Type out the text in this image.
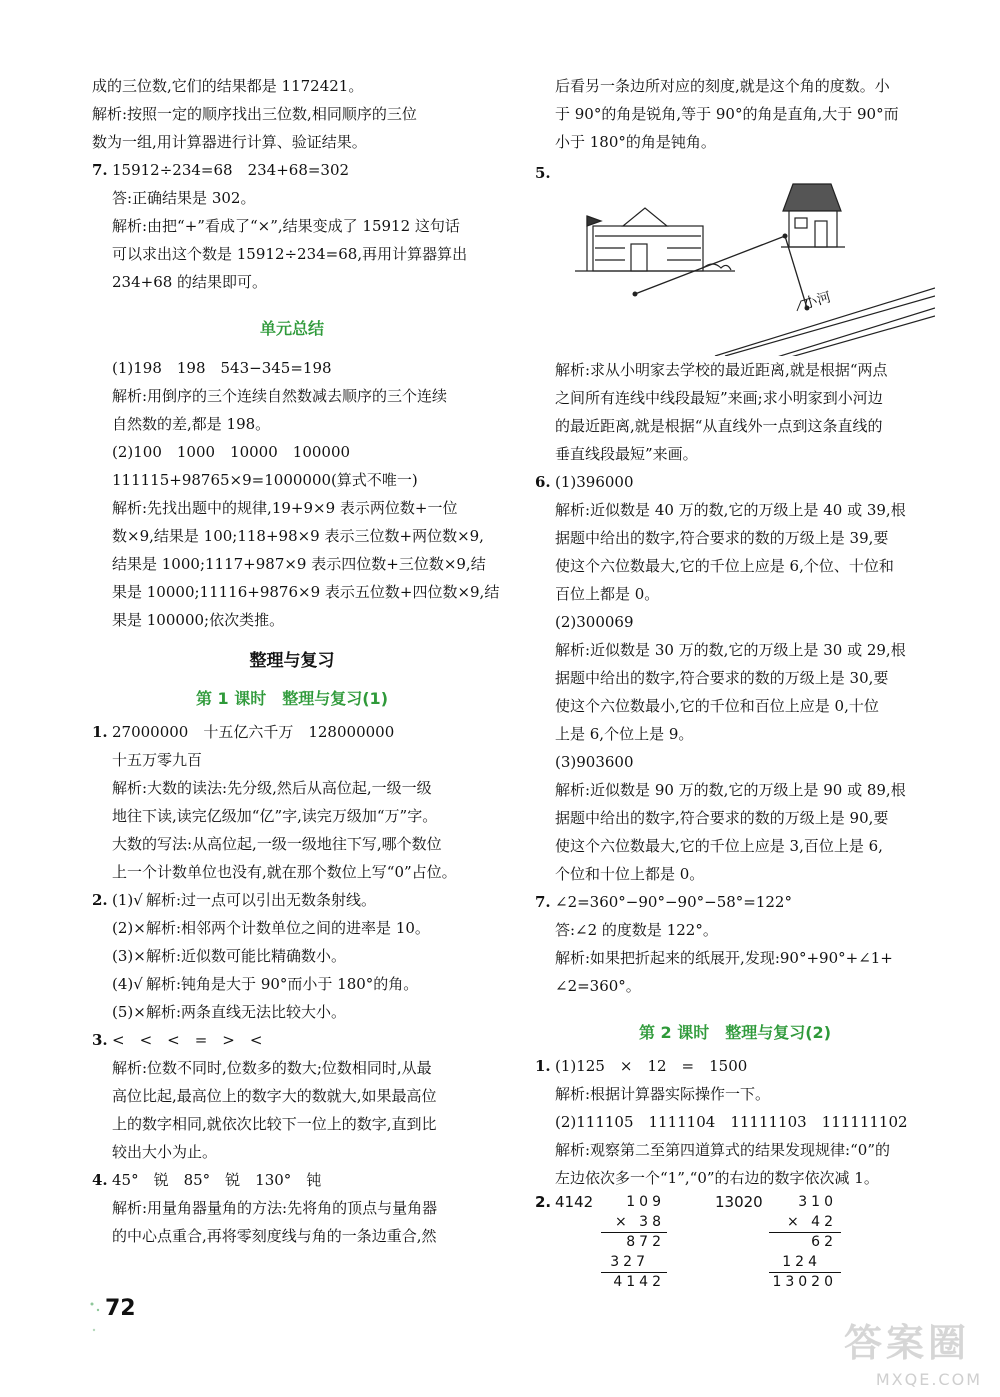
成的三位数,它们的结果都是 1172421。
解析:按照一定的顺序找出三位数,相同顺序的三位
数为一组,用计算器进行计算、验证结果。
7. 15912÷234=68　234+68=302
答:正确结果是 302。
解析:由把“+”看成了“×”,结果变成了 15912 这句话
可以求出这个数是 15912÷234=68,再用计算器算出
234+68 的结果即可。
单元总结
(1)198　198　543−345=198
解析:用倒序的三个连续自然数减去顺序的三个连续
自然数的差,都是 198。
(2)100　1000　10000　100000
111115+98765×9=1000000(算式不唯一)
解析:先找出题中的规律,19+9×9 表示两位数+一位
数×9,结果是 100;118+98×9 表示三位数+两位数×9,
结果是 1000;1117+987×9 表示四位数+三位数×9,结
果是 10000;11116+9876×9 表示五位数+四位数×9,结
果是 100000;依次类推。
整理与复习
第 1 课时　整理与复习(1)
1. 27000000　十五亿六千万　128000000
十五万零九百
解析:大数的读法:先分级,然后从高位起,一级一级
地往下读,读完亿级加“亿”字,读完万级加“万”字。
大数的写法:从高位起,一级一级地往下写,哪个数位
上一个计数单位也没有,就在那个数位上写“0”占位。
2. (1)√ 解析:过一点可以引出无数条射线。
(2)×解析:相邻两个计数单位之间的进率是 10。
(3)×解析:近似数可能比精确数小。
(4)√ 解析:钝角是大于 90°而小于 180°的角。
(5)×解析:两条直线无法比较大小。
3. <　<　<　=　>　<
解析:位数不同时,位数多的数大;位数相同时,从最
高位比起,最高位上的数字大的数就大,如果最高位
上的数字相同,就依次比较下一位上的数字,直到比
较出大小为止。
4. 45°　锐　85°　锐　130°　钝
解析:用量角器量角的方法:先将角的顶点与量角器
的中心点重合,再将零刻度线与角的一条边重合,然
后看另一条边所对应的刻度,就是这个角的度数。小
于 90°的角是锐角,等于 90°的角是直角,大于 90°而
小于 180°的角是钝角。
5.
小河
解析:求从小明家去学校的最近距离,就是根据“两点
之间所有连线中线段最短”来画;求小明家到小河边
的最近距离,就是根据“从直线外一点到这条直线的
垂直线段最短”来画。
6. (1)396000
解析:近似数是 40 万的数,它的万级上是 40 或 39,根
据题中给出的数字,符合要求的数的万级上是 39,要
使这个六位数最大,它的千位上应是 6,个位、十位和
百位上都是 0。
(2)300069
解析:近似数是 30 万的数,它的万级上是 30 或 29,根
据题中给出的数字,符合要求的数的万级上是 30,要
使这个六位数最小,它的千位和百位上应是 0,十位
上是 6,个位上是 9。
(3)903600
解析:近似数是 90 万的数,它的万级上是 90 或 89,根
据题中给出的数字,符合要求的数的万级上是 90,要
使这个六位数最大,它的千位上应是 3,百位上是 6,
个位和十位上都是 0。
7. ∠2=360°−90°−90°−58°=122°
答:∠2 的度数是 122°。
解析:如果把折起来的纸展开,发现:90°+90°+∠1+
∠2=360°。
第 2 课时　整理与复习(2)
1. (1)125　×　12　=　1500
解析:根据计算器实际操作一下。
(2)111105　1111104　11111103　111111102
解析:观察第二至第四道算式的结果发现规律:“0”的
左边依次多一个“1”,“0”的右边的数字依次减 1。
2. 4142	109
× 38
872
327
4142
13020	310
× 42
62
124
13020
72
答案圈
MXQE.COM
